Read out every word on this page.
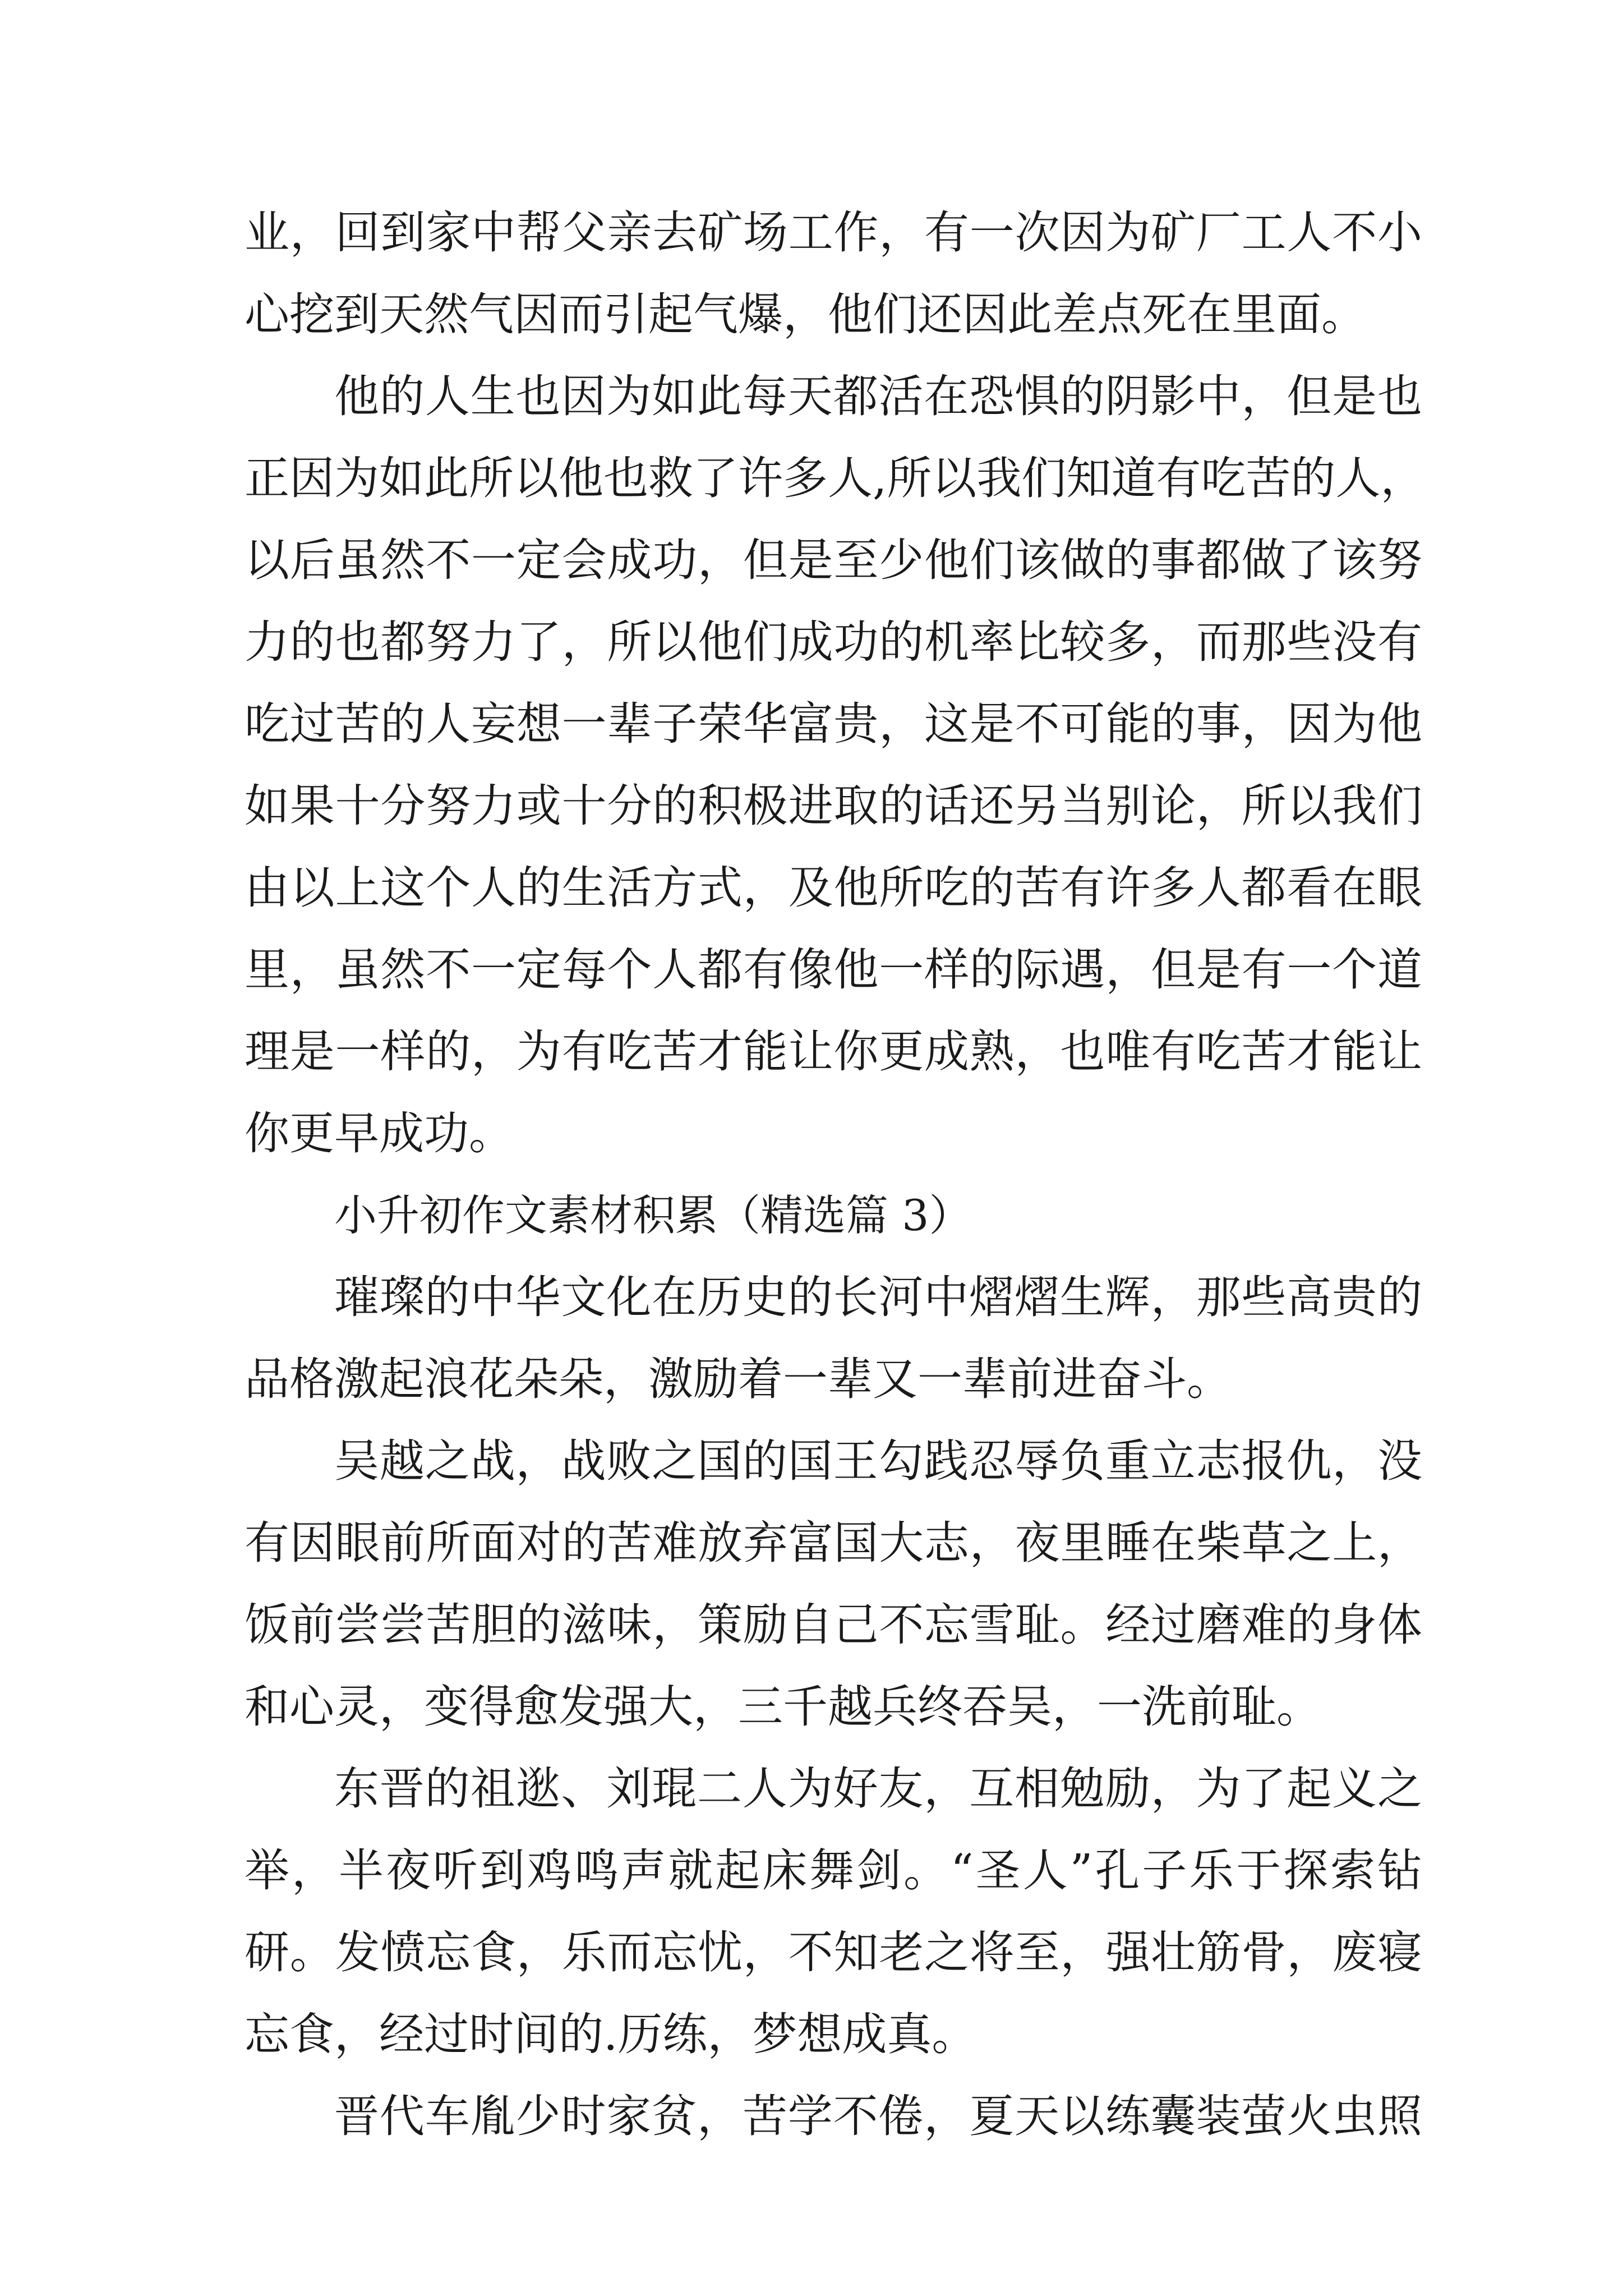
业，回到家中帮父亲去矿场工作，有一次因为矿厂工人不小
心挖到天然气因而引起气爆，他们还因此差点死在里面。
他的人生也因为如此每天都活在恐惧的阴影中，但是也
正因为如此所以他也救了许多人,所以我们知道有吃苦的人，
以后虽然不一定会成功，但是至少他们该做的事都做了该努
力的也都努力了，所以他们成功的机率比较多，而那些没有
吃过苦的人妄想一辈子荣华富贵，这是不可能的事，因为他
如果十分努力或十分的积极进取的话还另当别论，所以我们
由以上这个人的生活方式，及他所吃的苦有许多人都看在眼
里，虽然不一定每个人都有像他一样的际遇，但是有一个道
理是一样的，为有吃苦才能让你更成熟，也唯有吃苦才能让
你更早成功。
小升初作文素材积累（精选篇 3）
璀璨的中华文化在历史的长河中熠熠生辉，那些高贵的
品格激起浪花朵朵，激励着一辈又一辈前进奋斗。
吴越之战，战败之国的国王勾践忍辱负重立志报仇，没
有因眼前所面对的苦难放弃富国大志，夜里睡在柴草之上，
饭前尝尝苦胆的滋味，策励自己不忘雪耻。经过磨难的身体
和心灵，变得愈发强大，三千越兵终吞吴，一洗前耻。
东晋的祖逖、刘琨二人为好友，互相勉励，为了起义之
举，半夜听到鸡鸣声就起床舞剑。“圣人”孔子乐于探索钻
研。发愤忘食，乐而忘忧，不知老之将至，强壮筋骨，废寝
忘食，经过时间的.历练，梦想成真。
晋代车胤少时家贫，苦学不倦，夏天以练囊装萤火虫照
